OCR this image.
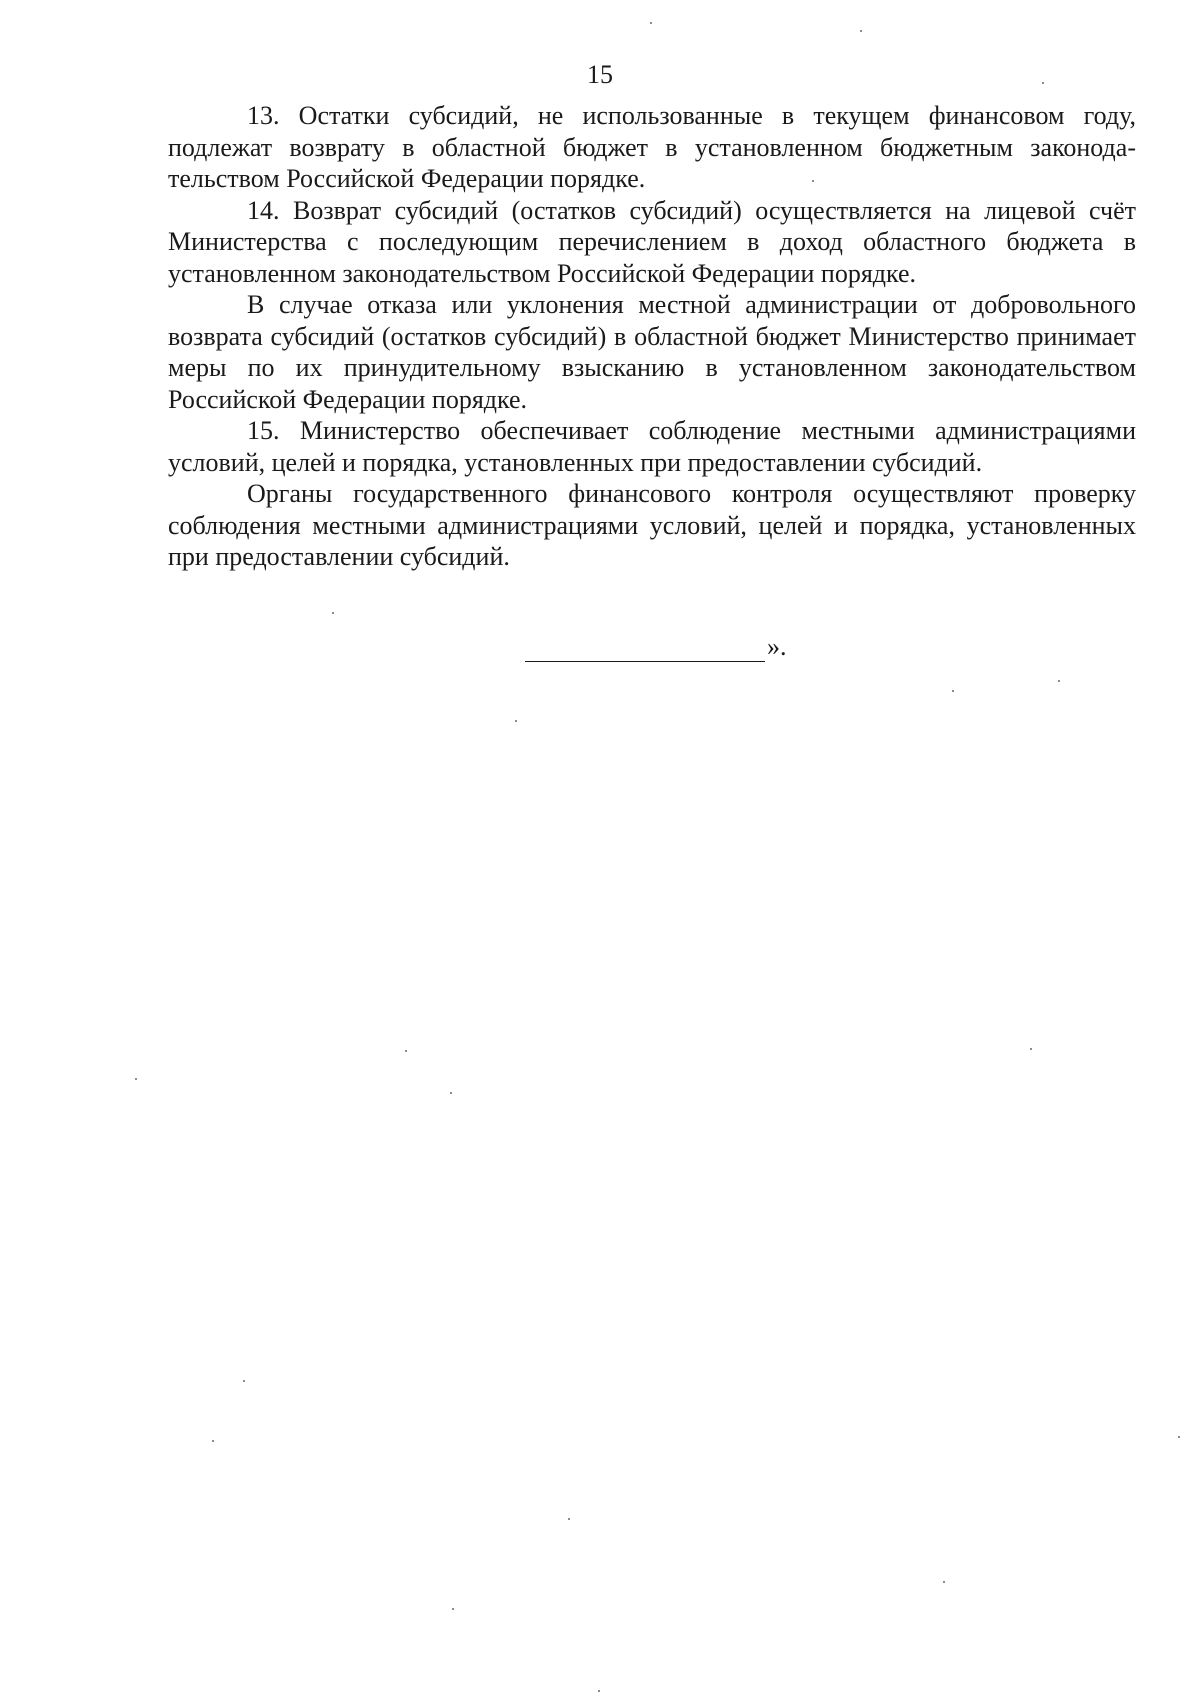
15

13. Остатки субсидий, не использованные в текущем финансовом году, подлежат возврату в областной бюджет в установленном бюджетным законодательством Российской Федерации порядке.

14. Возврат субсидий (остатков субсидий) осуществляется на лицевой счёт Министерства с последующим перечислением в доход областного бюджета в установленном законодательством Российской Федерации порядке.

В случае отказа или уклонения местной администрации от добровольного возврата субсидий (остатков субсидий) в областной бюджет Министерство принимает меры по их принудительному взысканию в установленном законодательством Российской Федерации порядке.

15. Министерство обеспечивает соблюдение местными администрациями условий, целей и порядка, установленных при предоставлении субсидий.

Органы государственного финансового контроля осуществляют проверку соблюдения местными администрациями условий, целей и порядка, установленных при предоставлении субсидий.

».
